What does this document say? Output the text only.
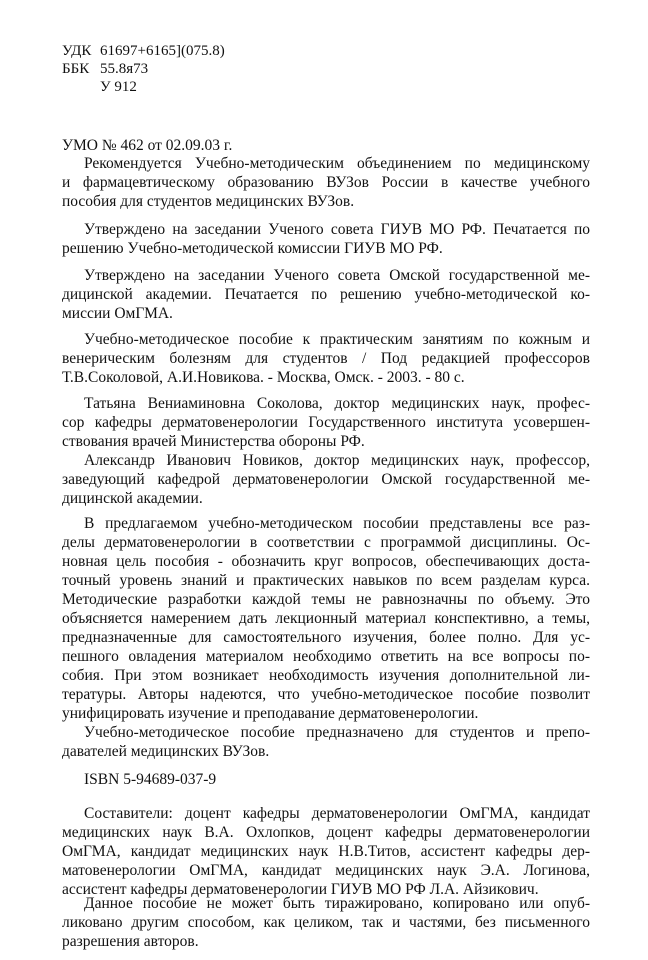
УДК 61697+6165](075.8)
ББК 55.8я73
У 912
УМО № 462 от 02.09.03 г.
Рекомендуется Учебно-методическим объединением по медицинскому
и фармацевтическому образованию ВУЗов России в качестве учебного
пособия для студентов медицинских ВУЗов.
Утверждено на заседании Ученого совета ГИУВ МО РФ. Печатается по
решению Учебно-методической комиссии ГИУВ МО РФ.
Утверждено на заседании Ученого совета Омской государственной ме-
дицинской академии. Печатается по решению учебно-методической ко-
миссии ОмГМА.
Учебно-методическое пособие к практическим занятиям по кожным и
венерическим болезням для студентов / Под редакцией профессоров
Т.В.Соколовой, А.И.Новикова. - Москва, Омск. - 2003. - 80 с.
Татьяна Вениаминовна Соколова, доктор медицинских наук, профес-
сор кафедры дерматовенерологии Государственного института усовершен-
ствования врачей Министерства обороны РФ.
Александр Иванович Новиков, доктор медицинских наук, профессор,
заведующий кафедрой дерматовенерологии Омской государственной ме-
дицинской академии.
В предлагаемом учебно-методическом пособии представлены все раз-
делы дерматовенерологии в соответствии с программой дисциплины. Ос-
новная цель пособия - обозначить круг вопросов, обеспечивающих доста-
точный уровень знаний и практических навыков по всем разделам курса.
Методические разработки каждой темы не равнозначны по объему. Это
объясняется намерением дать лекционный материал конспективно, а темы,
предназначенные для самостоятельного изучения, более полно. Для ус-
пешного овладения материалом необходимо ответить на все вопросы по-
собия. При этом возникает необходимость изучения дополнительной ли-
тературы. Авторы надеются, что учебно-методическое пособие позволит
унифицировать изучение и преподавание дерматовенерологии.
Учебно-методическое пособие предназначено для студентов и препо-
давателей медицинских ВУЗов.
ISBN 5-94689-037-9
Составители: доцент кафедры дерматовенерологии ОмГМА, кандидат
медицинских наук В.А. Охлопков, доцент кафедры дерматовенерологии
ОмГМА, кандидат медицинских наук Н.В.Титов, ассистент кафедры дер-
матовенерологии ОмГМА, кандидат медицинских наук Э.А. Логинова,
ассистент кафедры дерматовенерологии ГИУВ МО РФ Л.А. Айзикович.
Данное пособие не может быть тиражировано, копировано или опуб-
ликовано другим способом, как целиком, так и частями, без письменного
разрешения авторов.
